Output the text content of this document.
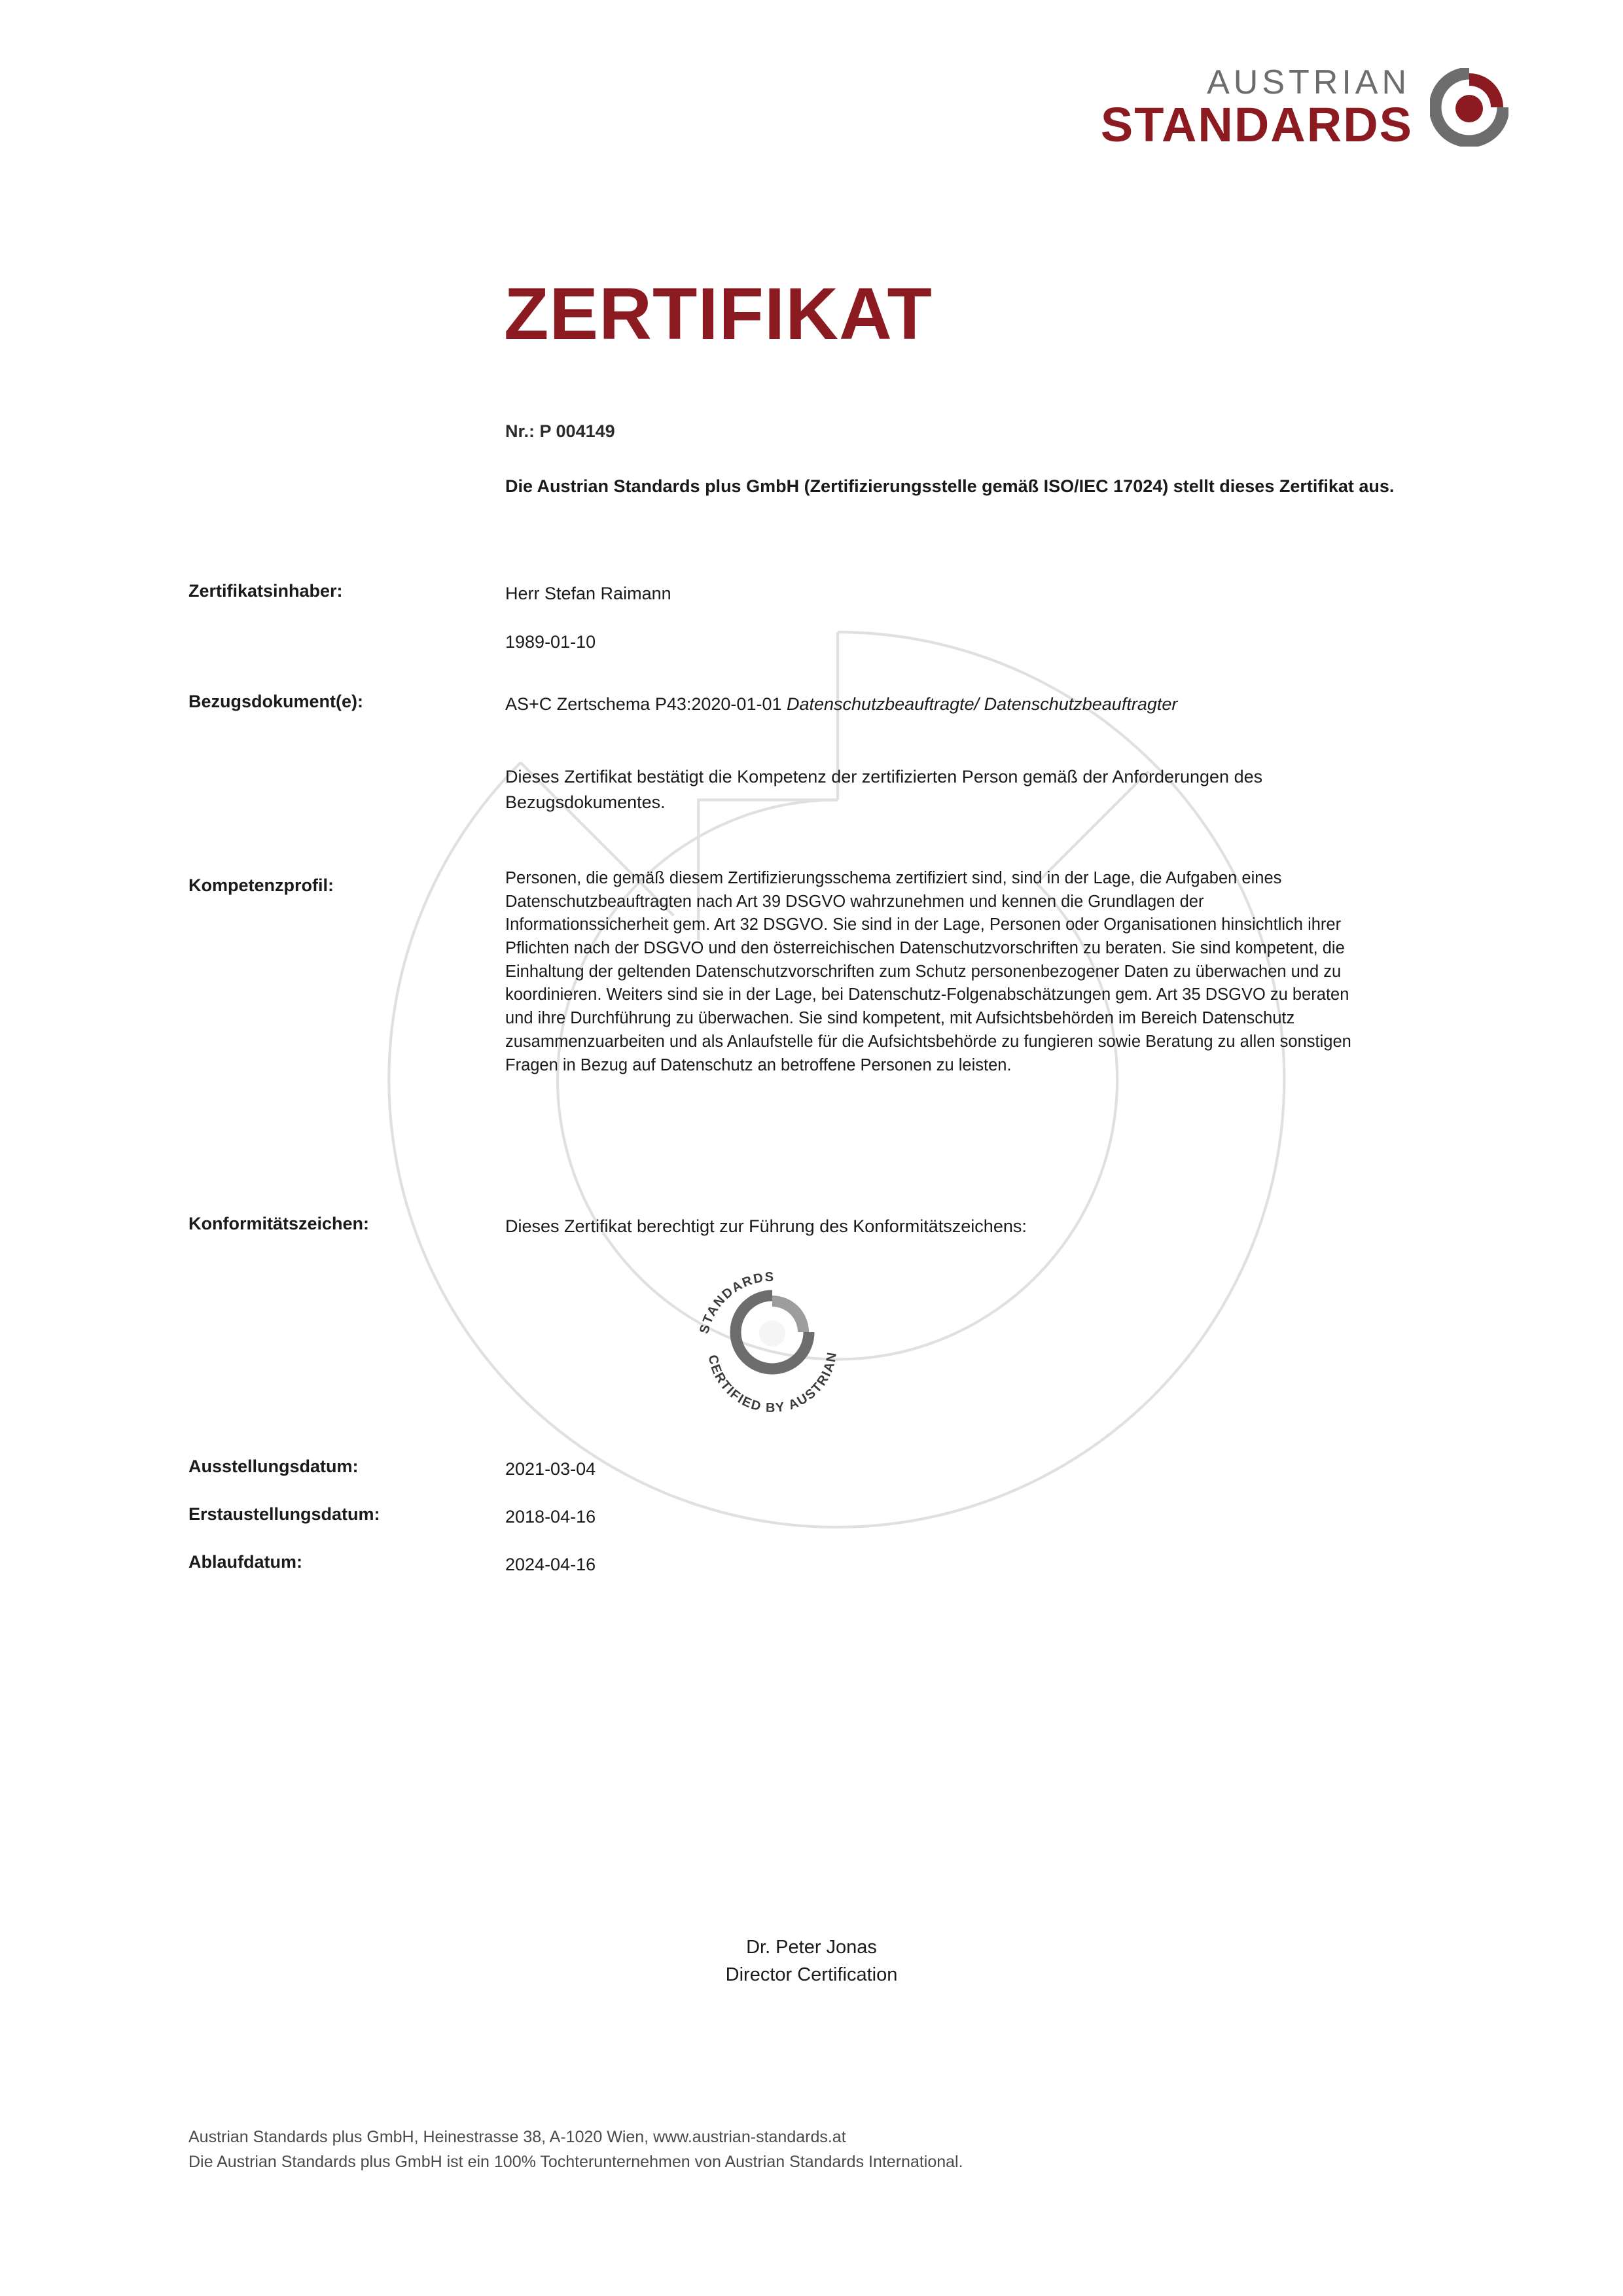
AUSTRIAN
STANDARDS
ZERTIFIKAT
Nr.: P 004149
Die Austrian Standards plus GmbH (Zertifizierungsstelle gemäß ISO/IEC 17024) stellt dieses Zertifikat aus.
Zertifikatsinhaber:	Herr Stefan Raimann
1989-01-10
Bezugsdokument(e):	AS+C Zertschema P43:2020-01-01 Datenschutzbeauftragte/ Datenschutzbeauftragter
Dieses Zertifikat bestätigt die Kompetenz der zertifizierten Person gemäß der Anforderungen des Bezugsdokumentes.
Kompetenzprofil:	Personen, die gemäß diesem Zertifizierungsschema zertifiziert sind, sind in der Lage, die Aufgaben eines Datenschutzbeauftragten nach Art 39 DSGVO wahrzunehmen und kennen die Grundlagen der Informationssicherheit gem. Art 32 DSGVO. Sie sind in der Lage, Personen oder Organisationen hinsichtlich ihrer Pflichten nach der DSGVO und den österreichischen Datenschutzvorschriften zu beraten. Sie sind kompetent, die Einhaltung der geltenden Datenschutzvorschriften zum Schutz personenbezogener Daten zu überwachen und zu koordinieren. Weiters sind sie in der Lage, bei Datenschutz-Folgenabschätzungen gem. Art 35 DSGVO zu beraten und ihre Durchführung zu überwachen. Sie sind kompetent, mit Aufsichtsbehörden im Bereich Datenschutz zusammenzuarbeiten und als Anlaufstelle für die Aufsichtsbehörde zu fungieren sowie Beratung zu allen sonstigen Fragen in Bezug auf Datenschutz an betroffene Personen zu leisten.
Konformitätszeichen:	Dieses Zertifikat berechtigt zur Führung des Konformitätszeichens:
STANDARDS
CERTIFIED BY AUSTRIAN
Ausstellungsdatum:	2021-03-04
Erstaustellungsdatum:	2018-04-16
Ablaufdatum:	2024-04-16
Dr. Peter Jonas
Director Certification
Austrian Standards plus GmbH, Heinestrasse 38, A-1020 Wien, www.austrian-standards.at
Die Austrian Standards plus GmbH ist ein 100% Tochterunternehmen von Austrian Standards International.
